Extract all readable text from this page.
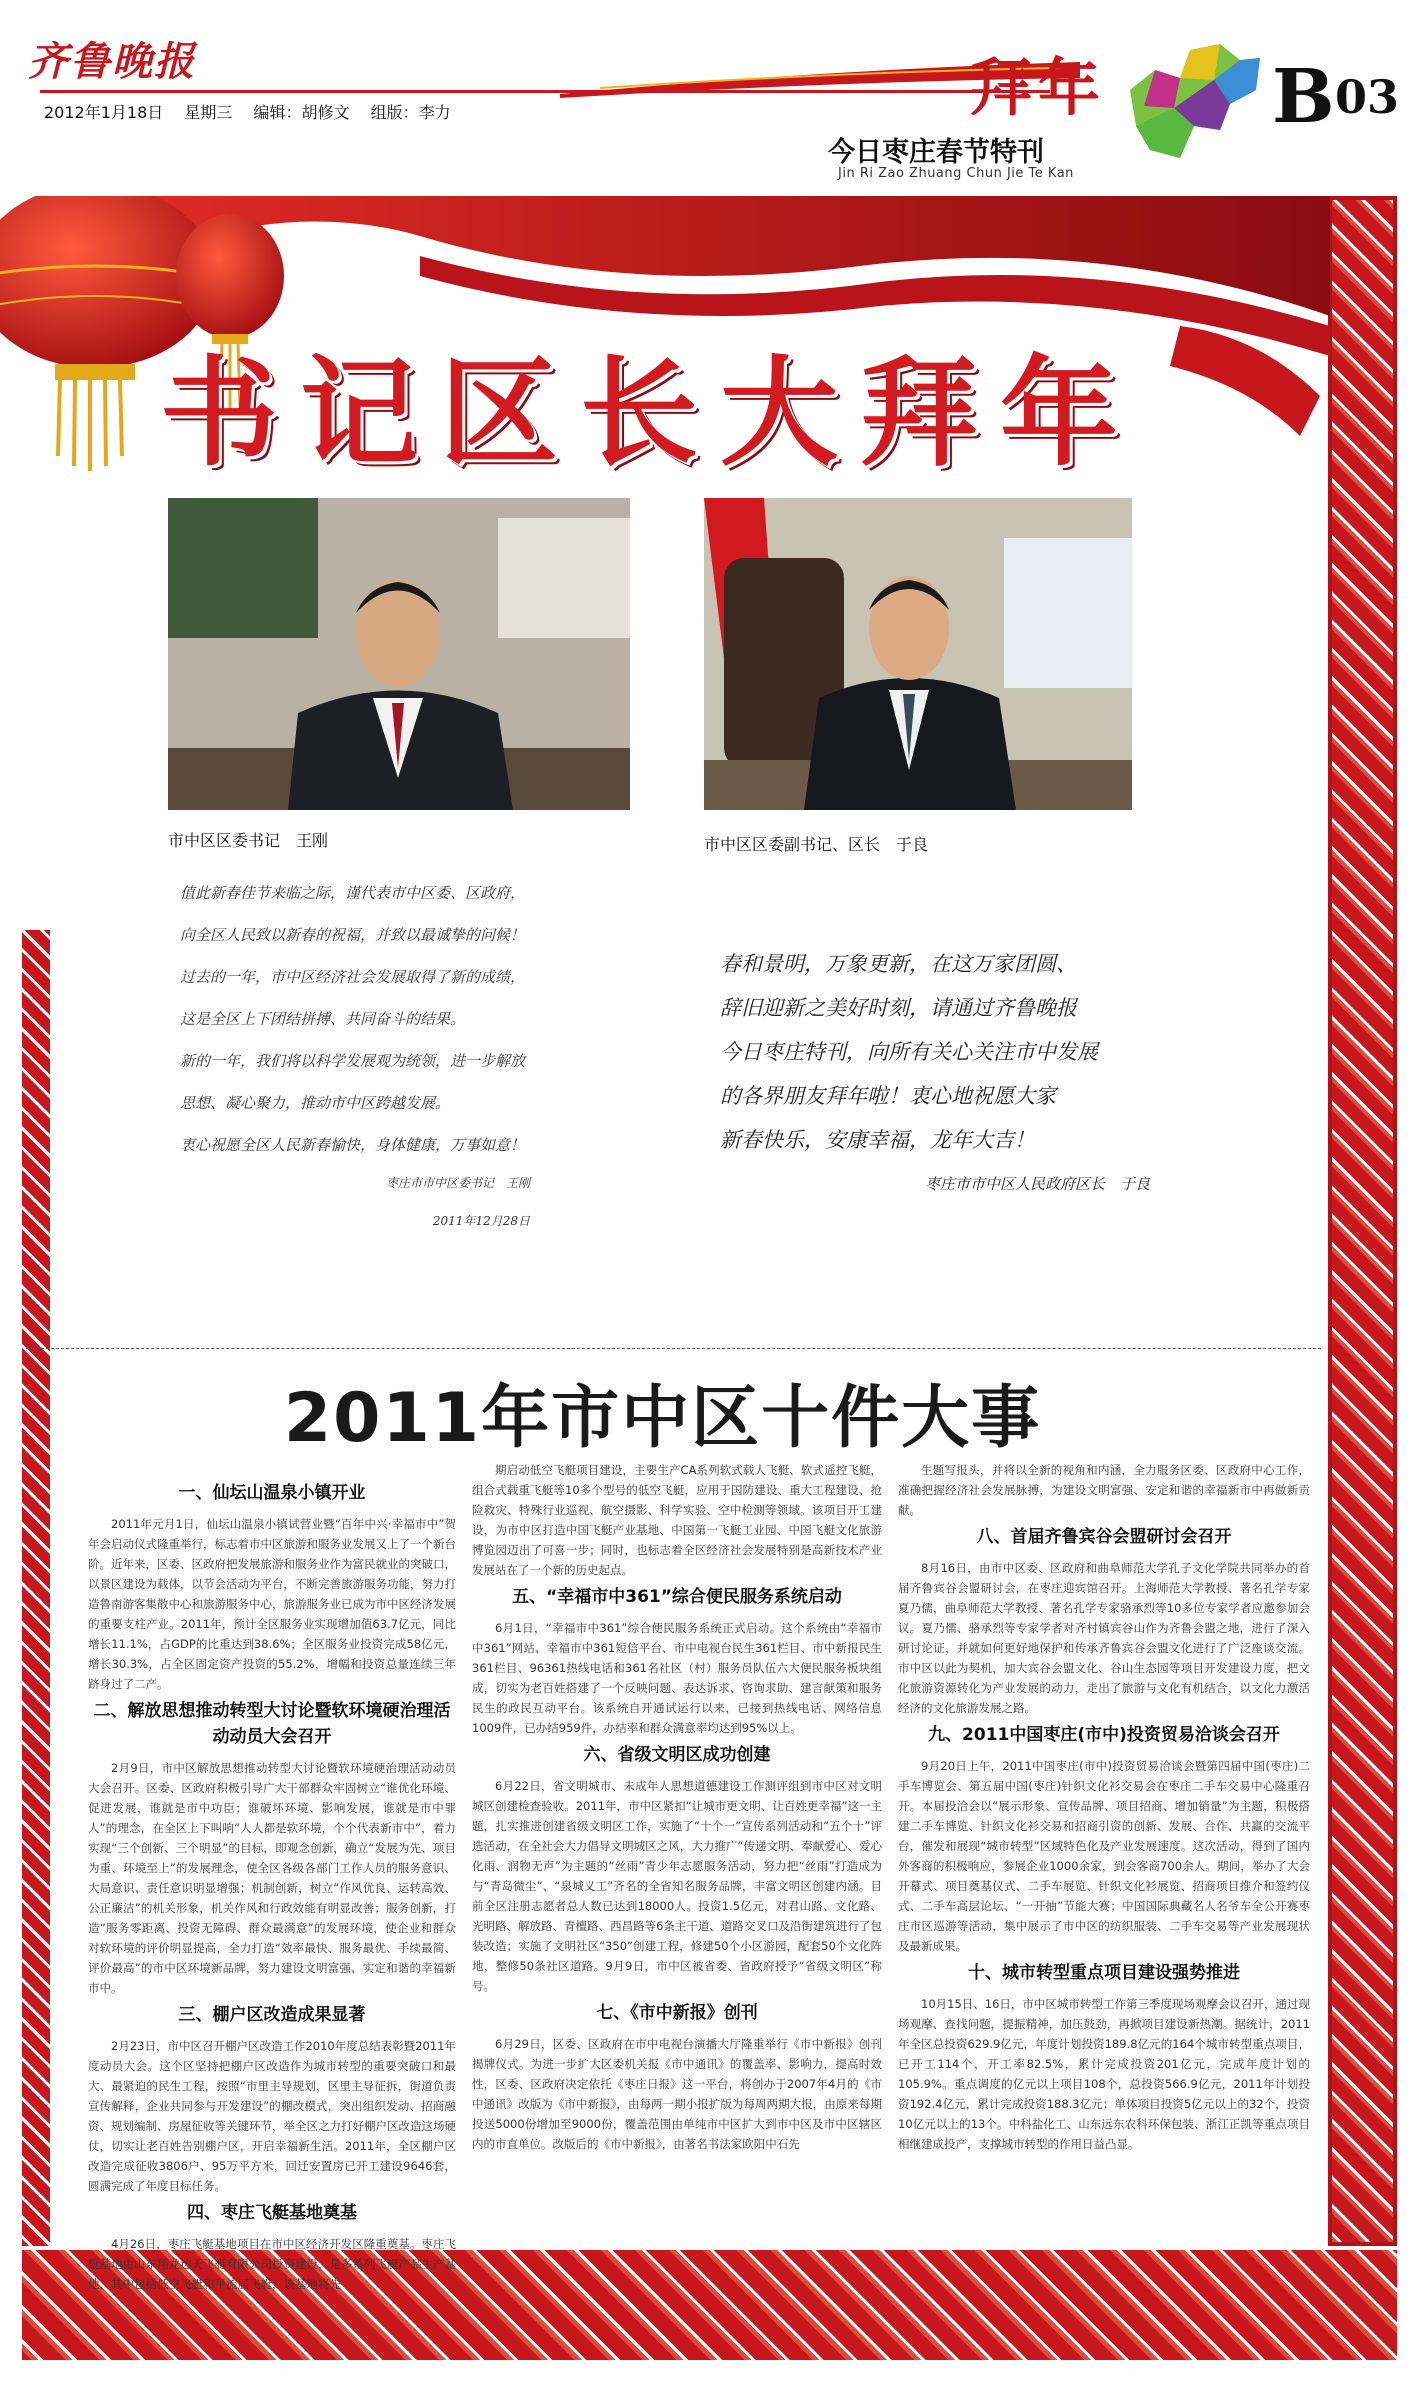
齐鲁晚报
2012年1月18日 星期三 编辑：胡修文 组版：李力	拜年
今日枣庄春节特刊
Jin Ri Zao Zhuang Chun Jie Te Kan
B 03
书记区长大拜年
市中区区委书记　王刚	市中区区委副书记、区长　于良

值此新春佳节来临之际，谨代表市中区委、区政府，向全区人民致以新春的祝福，并致以最诚挚的问候！

过去的一年，市中区经济社会发展取得了新的成绩，这是全区上下团结拼搏、共同奋斗的结果。

新的一年，我们将以科学发展观为统领，进一步解放思想、凝心聚力，推动市中区跨越发展。

衷心祝愿全区人民新春愉快，身体健康，万事如意！

枣庄市市中区委书记　王刚

2011年12月28日

春和景明，万象更新，在这万家团圆、

辞旧迎新之美好时刻，请通过齐鲁晚报

今日枣庄特刊，向所有关心关注市中发展

的各界朋友拜年啦！衷心地祝愿大家

新春快乐，安康幸福，龙年大吉！

枣庄市市中区人民政府区长　于良

2011年市中区十件大事
一、仙坛山温泉小镇开业

2011年元月1日，仙坛山温泉小镇试营业暨“百年中兴·幸福市中”贺年会启动仪式隆重举行，标志着市中区旅游和服务业发展又上了一个新台阶。近年来，区委、区政府把发展旅游和服务业作为富民就业的突破口，以景区建设为载体，以节会活动为平台，不断完善旅游服务功能，努力打造鲁南游客集散中心和旅游服务中心，旅游服务业已成为市中区经济发展的重要支柱产业。2011年，预计全区服务业实现增加值63.7亿元，同比增长11.1%，占GDP的比重达到38.6%；全区服务业投资完成58亿元，增长30.3%，占全区固定资产投资的55.2%，增幅和投资总量连续三年跻身过了二产。

二、解放思想推动转型大讨论暨软环境硬治理活动动员大会召开

2月9日，市中区解放思想推动转型大讨论暨软环境硬治理活动动员大会召开。区委、区政府积极引导广大干部群众牢固树立“谁优化环境、促进发展，谁就是市中功臣；谁破坏环境、影响发展，谁就是市中罪人”的理念，在全区上下叫响“人人都是软环境，个个代表新市中”，着力实现“三个创新、三个明显”的目标，即观念创新，确立“发展为先、项目为重、环境至上”的发展理念，使全区各级各部门工作人员的服务意识、大局意识、责任意识明显增强；机制创新，树立“作风优良、运转高效、公正廉洁”的机关形象，机关作风和行政效能有明显改善；服务创新，打造“服务零距离、投资无障碍、群众最满意”的发展环境，使企业和群众对软环境的评价明显提高，全力打造“效率最快、服务最优、手续最简、评价最高”的市中区环境新品牌，努力建设文明富强、实定和谐的幸福新市中。

三、棚户区改造成果显著

2月23日，市中区召开棚户区改造工作2010年度总结表彰暨2011年度动员大会。这个区坚持把棚户区改造作为城市转型的重要突破口和最大、最紧迫的民生工程，按照“市里主导规划，区里主导征拆，街道负责宣传解释，企业共同参与开发建设”的棚改模式，突出组织发动、招商融资、规划编制、房屋征收等关键环节，举全区之力打好棚户区改造这场硬仗，切实让老百姓告别棚户区，开启幸福新生活。2011年，全区棚户区改造完成征收3806户、95万平方米，回迁安置房已开工建设9646套，圆满完成了年度目标任务。

四、枣庄飞艇基地奠基

4月26日，枣庄飞艇基地项目在市中区经济开发区隆重奠基。枣庄飞艇基地由山东翔龙达天飞艇有限公司投资建设，是多系列飞艇产品生产基地，其中包括低空飞艇和平流层飞艇，该基地将先

期启动低空飞艇项目建设，主要生产CA系列软式载人飞艇、软式遥控飞艇，组合式载重飞艇等10多个型号的低空飞艇，应用于国防建设、重大工程建设、抢险救灾、特殊行业巡视、航空摄影、科学实验、空中检测等领域。该项目开工建设，为市中区打造中国飞艇产业基地、中国第一飞艇工业园、中国飞艇文化旅游博览园迈出了可喜一步；同时，也标志着全区经济社会发展特别是高新技术产业发展站在了一个新的历史起点。

五、“幸福市中361”综合便民服务系统启动

6月1日，“幸福市中361”综合便民服务系统正式启动。这个系统由“幸福市中361”网站、幸福市中361短信平台、市中电视台民生361栏目、市中新报民生361栏目、96361热线电话和361名社区（村）服务员队伍六大便民服务板块组成，切实为老百姓搭建了一个反映问题、表达诉求、咨询求助、建言献策和服务民生的政民互动平台。该系统自开通试运行以来，已接到热线电话、网络信息1009件，已办结959件，办结率和群众满意率均达到95%以上。

六、省级文明区成功创建

6月22日，省文明城市、未成年人思想道德建设工作测评组到市中区对文明城区创建检查验收。2011年，市中区紧扣“让城市更文明、让百姓更幸福”这一主题，扎实推进创建省级文明区工作，实施了“十个一”宣传系列活动和“五个十”评选活动，在全社会大力倡导文明城区之风，大力推广“传递文明、奉献爱心、爱心化雨、润物无声”为主题的“丝雨”青少年志愿服务活动，努力把“丝雨”打造成为与“青岛微尘”、“泉城义工”齐名的全省知名服务品牌，丰富文明区创建内涵。目前全区注册志愿者总人数已达到18000人。投资1.5亿元，对君山路、文化路、光明路、解放路、青檀路、西昌路等6条主干道、道路交叉口及沿街建筑进行了包装改造；实施了文明社区“350”创建工程，修建50个小区游园，配套50个文化阵地，整修50条社区道路。9月9日，市中区被省委、省政府授予“省级文明区”称号。

七、《市中新报》创刊

6月29日，区委、区政府在市中电视台演播大厅隆重举行《市中新报》创刊揭牌仪式。为进一步扩大区委机关报《市中通讯》的覆盖率、影响力，提高时效性，区委、区政府决定依托《枣庄日报》这一平台，将创办于2007年4月的《市中通讯》改版为《市中新报》，由每两一期小报扩版为每周两期大报，由原来每期投送5000份增加至9000份，覆盖范围由单纯市中区扩大到市中区及市中区辖区内的市直单位。改版后的《市中新报》，由著名书法家欧阳中石先

生题写报头，并将以全新的视角和内涵，全力服务区委、区政府中心工作，准确把握经济社会发展脉搏，为建设文明富强、安定和谐的幸福新市中再做新贡献。

八、首届齐鲁宾谷会盟研讨会召开

8月16日，由市中区委、区政府和曲阜师范大学孔子文化学院共同举办的首届齐鲁宾谷会盟研讨会，在枣庄迎宾馆召开。上海师范大学教授、著名孔学专家夏乃儒，曲阜师范大学教授、著名孔学专家骆承烈等10多位专家学者应邀参加会议。夏乃儒、骆承烈等专家学者对齐村镇宾谷山作为齐鲁会盟之地，进行了深入研讨论证，并就如何更好地保护和传承齐鲁宾谷会盟文化进行了广泛座谈交流。市中区以此为契机，加大宾谷会盟文化、谷山生态园等项目开发建设力度，把文化旅游资源转化为产业发展的动力，走出了旅游与文化有机结合，以文化力激活经济的文化旅游发展之路。

九、2011中国枣庄(市中)投资贸易洽谈会召开

9月20日上午，2011中国枣庄(市中)投资贸易洽谈会暨第四届中国(枣庄)二手车博览会、第五届中国(枣庄)针织文化衫交易会在枣庄二手车交易中心隆重召开。本届投洽会以“展示形象、宣传品牌、项目招商、增加销量”为主题，积极搭建二手车博览、针织文化衫交易和招商引资的创新、发展、合作、共赢的交流平台，催发和展现“城市转型”区域特色化及产业发展速度。这次活动，得到了国内外客商的积极响应，参展企业1000余家，到会客商700余人。期间，举办了大会开幕式、项目奠基仪式、二手车展览、针织文化衫展览、招商项目推介和签约仪式、二手车高层论坛、“一开抽”节能大赛；中国国际典藏名人名爷车全公开赛枣庄市区巡游等活动，集中展示了市中区的纺织服装、二手车交易等产业发展现状及最新成果。

十、城市转型重点项目建设强势推进

10月15日、16日，市中区城市转型工作第三季度现场观摩会议召开，通过现场观摩、查找问题，提振精神，加压鼓劲，再掀项目建设新热潮。据统计，2011年全区总投资629.9亿元，年度计划投资189.8亿元的164个城市转型重点项目，已开工114个，开工率82.5%，累计完成投资201亿元，完成年度计划的105.9%。重点调度的亿元以上项目108个，总投资566.9亿元，2011年计划投资192.4亿元，累计完成投资188.3亿元；单体项目投资5亿元以上的32个，投资10亿元以上的13个。中科盐化工、山东远东农科环保包装、浙江正凯等重点项目相继建成投产，支撑城市转型的作用日益凸显。
